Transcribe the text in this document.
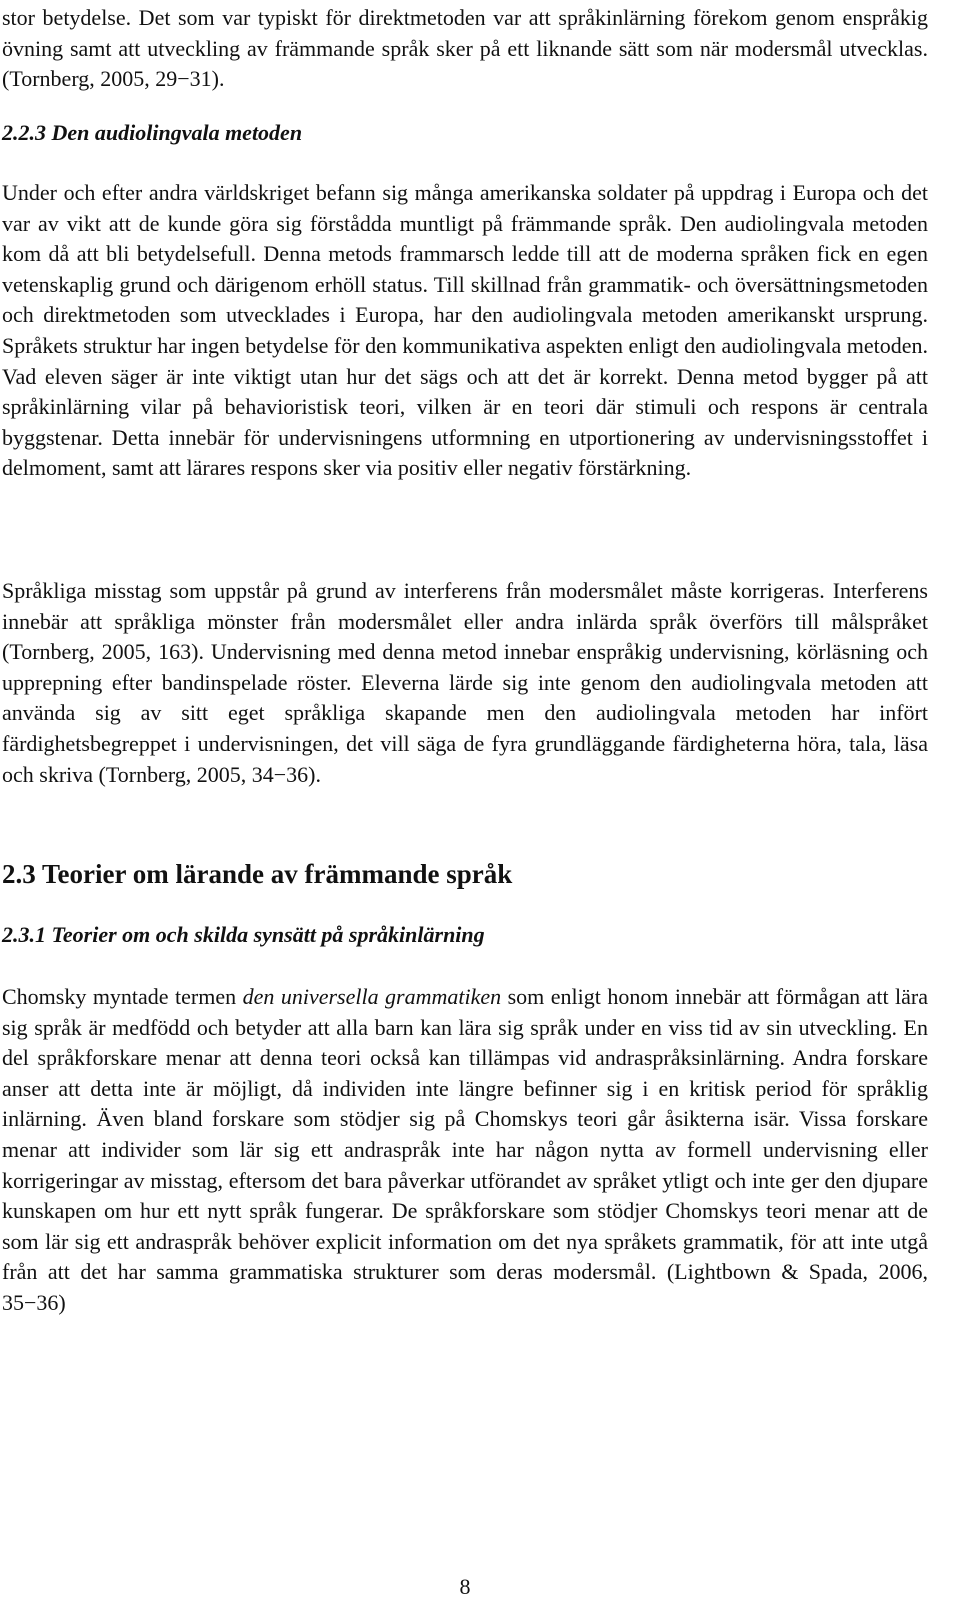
stor betydelse. Det som var typiskt för direktmetoden var att språkinlärning förekom genom enspråkig övning samt att utveckling av främmande språk sker på ett liknande sätt som när modersmål utvecklas. (Tornberg, 2005, 29−31).

2.2.3 Den audiolingvala metoden

Under och efter andra världskriget befann sig många amerikanska soldater på uppdrag i Europa och det var av vikt att de kunde göra sig förstådda muntligt på främmande språk. Den audiolingvala metoden kom då att bli betydelsefull. Denna metods frammarsch ledde till att de moderna språken fick en egen vetenskaplig grund och därigenom erhöll status. Till skillnad från grammatik- och översättningsmetoden och direktmetoden som utvecklades i Europa, har den audiolingvala metoden amerikanskt ursprung. Språkets struktur har ingen betydelse för den kommunikativa aspekten enligt den audiolingvala metoden. Vad eleven säger är inte viktigt utan hur det sägs och att det är korrekt. Denna metod bygger på att språkinlärning vilar på behavioristisk teori, vilken är en teori där stimuli och respons är centrala byggstenar. Detta innebär för undervisningens utformning en utportionering av undervisningsstoffet i delmoment, samt att lärares respons sker via positiv eller negativ förstärkning.

Språkliga misstag som uppstår på grund av interferens från modersmålet måste korrigeras. Interferens innebär att språkliga mönster från modersmålet eller andra inlärda språk överförs till målspråket (Tornberg, 2005, 163). Undervisning med denna metod innebar enspråkig undervisning, körläsning och upprepning efter bandinspelade röster. Eleverna lärde sig inte genom den audiolingvala metoden att använda sig av sitt eget språkliga skapande men den audiolingvala metoden har infört färdighetsbegreppet i undervisningen, det vill säga de fyra grundläggande färdigheterna höra, tala, läsa och skriva (Tornberg, 2005, 34−36).

2.3 Teorier om lärande av främmande språk
2.3.1 Teorier om och skilda synsätt på språkinlärning

Chomsky myntade termen den universella grammatiken som enligt honom innebär att förmågan att lära sig språk är medfödd och betyder att alla barn kan lära sig språk under en viss tid av sin utveckling. En del språkforskare menar att denna teori också kan tillämpas vid andraspråksinlärning. Andra forskare anser att detta inte är möjligt, då individen inte längre befinner sig i en kritisk period för språklig inlärning. Även bland forskare som stödjer sig på Chomskys teori går åsikterna isär. Vissa forskare menar att individer som lär sig ett andraspråk inte har någon nytta av formell undervisning eller korrigeringar av misstag, eftersom det bara påverkar utförandet av språket ytligt och inte ger den djupare kunskapen om hur ett nytt språk fungerar. De språkforskare som stödjer Chomskys teori menar att de som lär sig ett andraspråk behöver explicit information om det nya språkets grammatik, för att inte utgå från att det har samma grammatiska strukturer som deras modersmål. (Lightbown & Spada, 2006, 35−36)

8
